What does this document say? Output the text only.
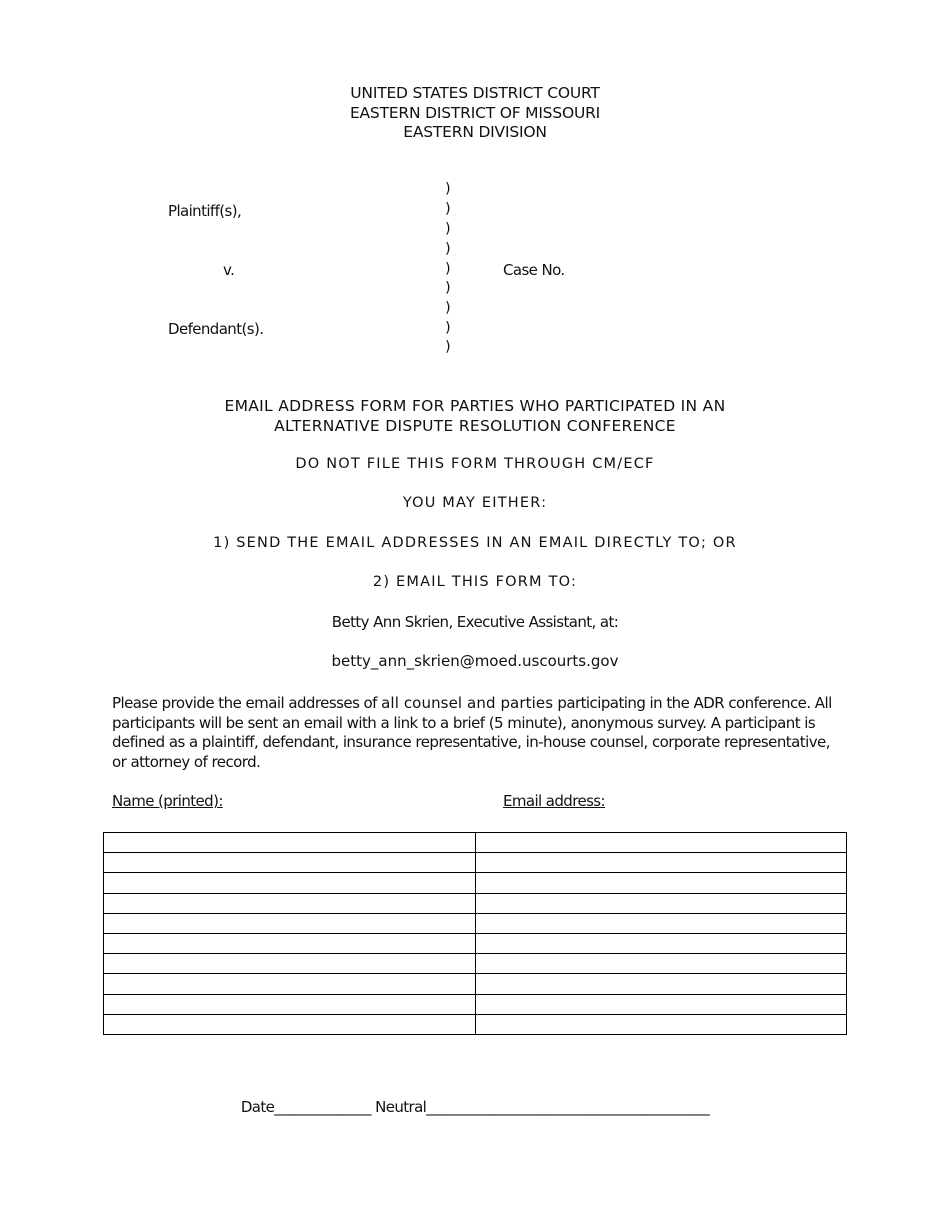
UNITED STATES DISTRICT COURT
EASTERN DISTRICT OF MISSOURI
EASTERN DIVISION
Plaintiff(s),
v.
Defendant(s).
Case No.
)
)
)
)
)
)
)
)
)
EMAIL ADDRESS FORM FOR PARTIES WHO PARTICIPATED IN AN
ALTERNATIVE DISPUTE RESOLUTION CONFERENCE
DO NOT FILE THIS FORM THROUGH CM/ECF
YOU MAY EITHER:
1) SEND THE EMAIL ADDRESSES IN AN EMAIL DIRECTLY TO; OR
2) EMAIL THIS FORM TO:
Betty Ann Skrien, Executive Assistant, at:
betty_ann_skrien@moed.uscourts.gov
Please provide the email addresses of all counsel and parties participating in the ADR conference. All participants will be sent an email with a link to a brief (5 minute), anonymous survey. A participant is defined as a plaintiff, defendant, insurance representative, in-house counsel, corporate representative, or attorney of record.
Name (printed):	Email address:

Date______________ Neutral_________________________________________
